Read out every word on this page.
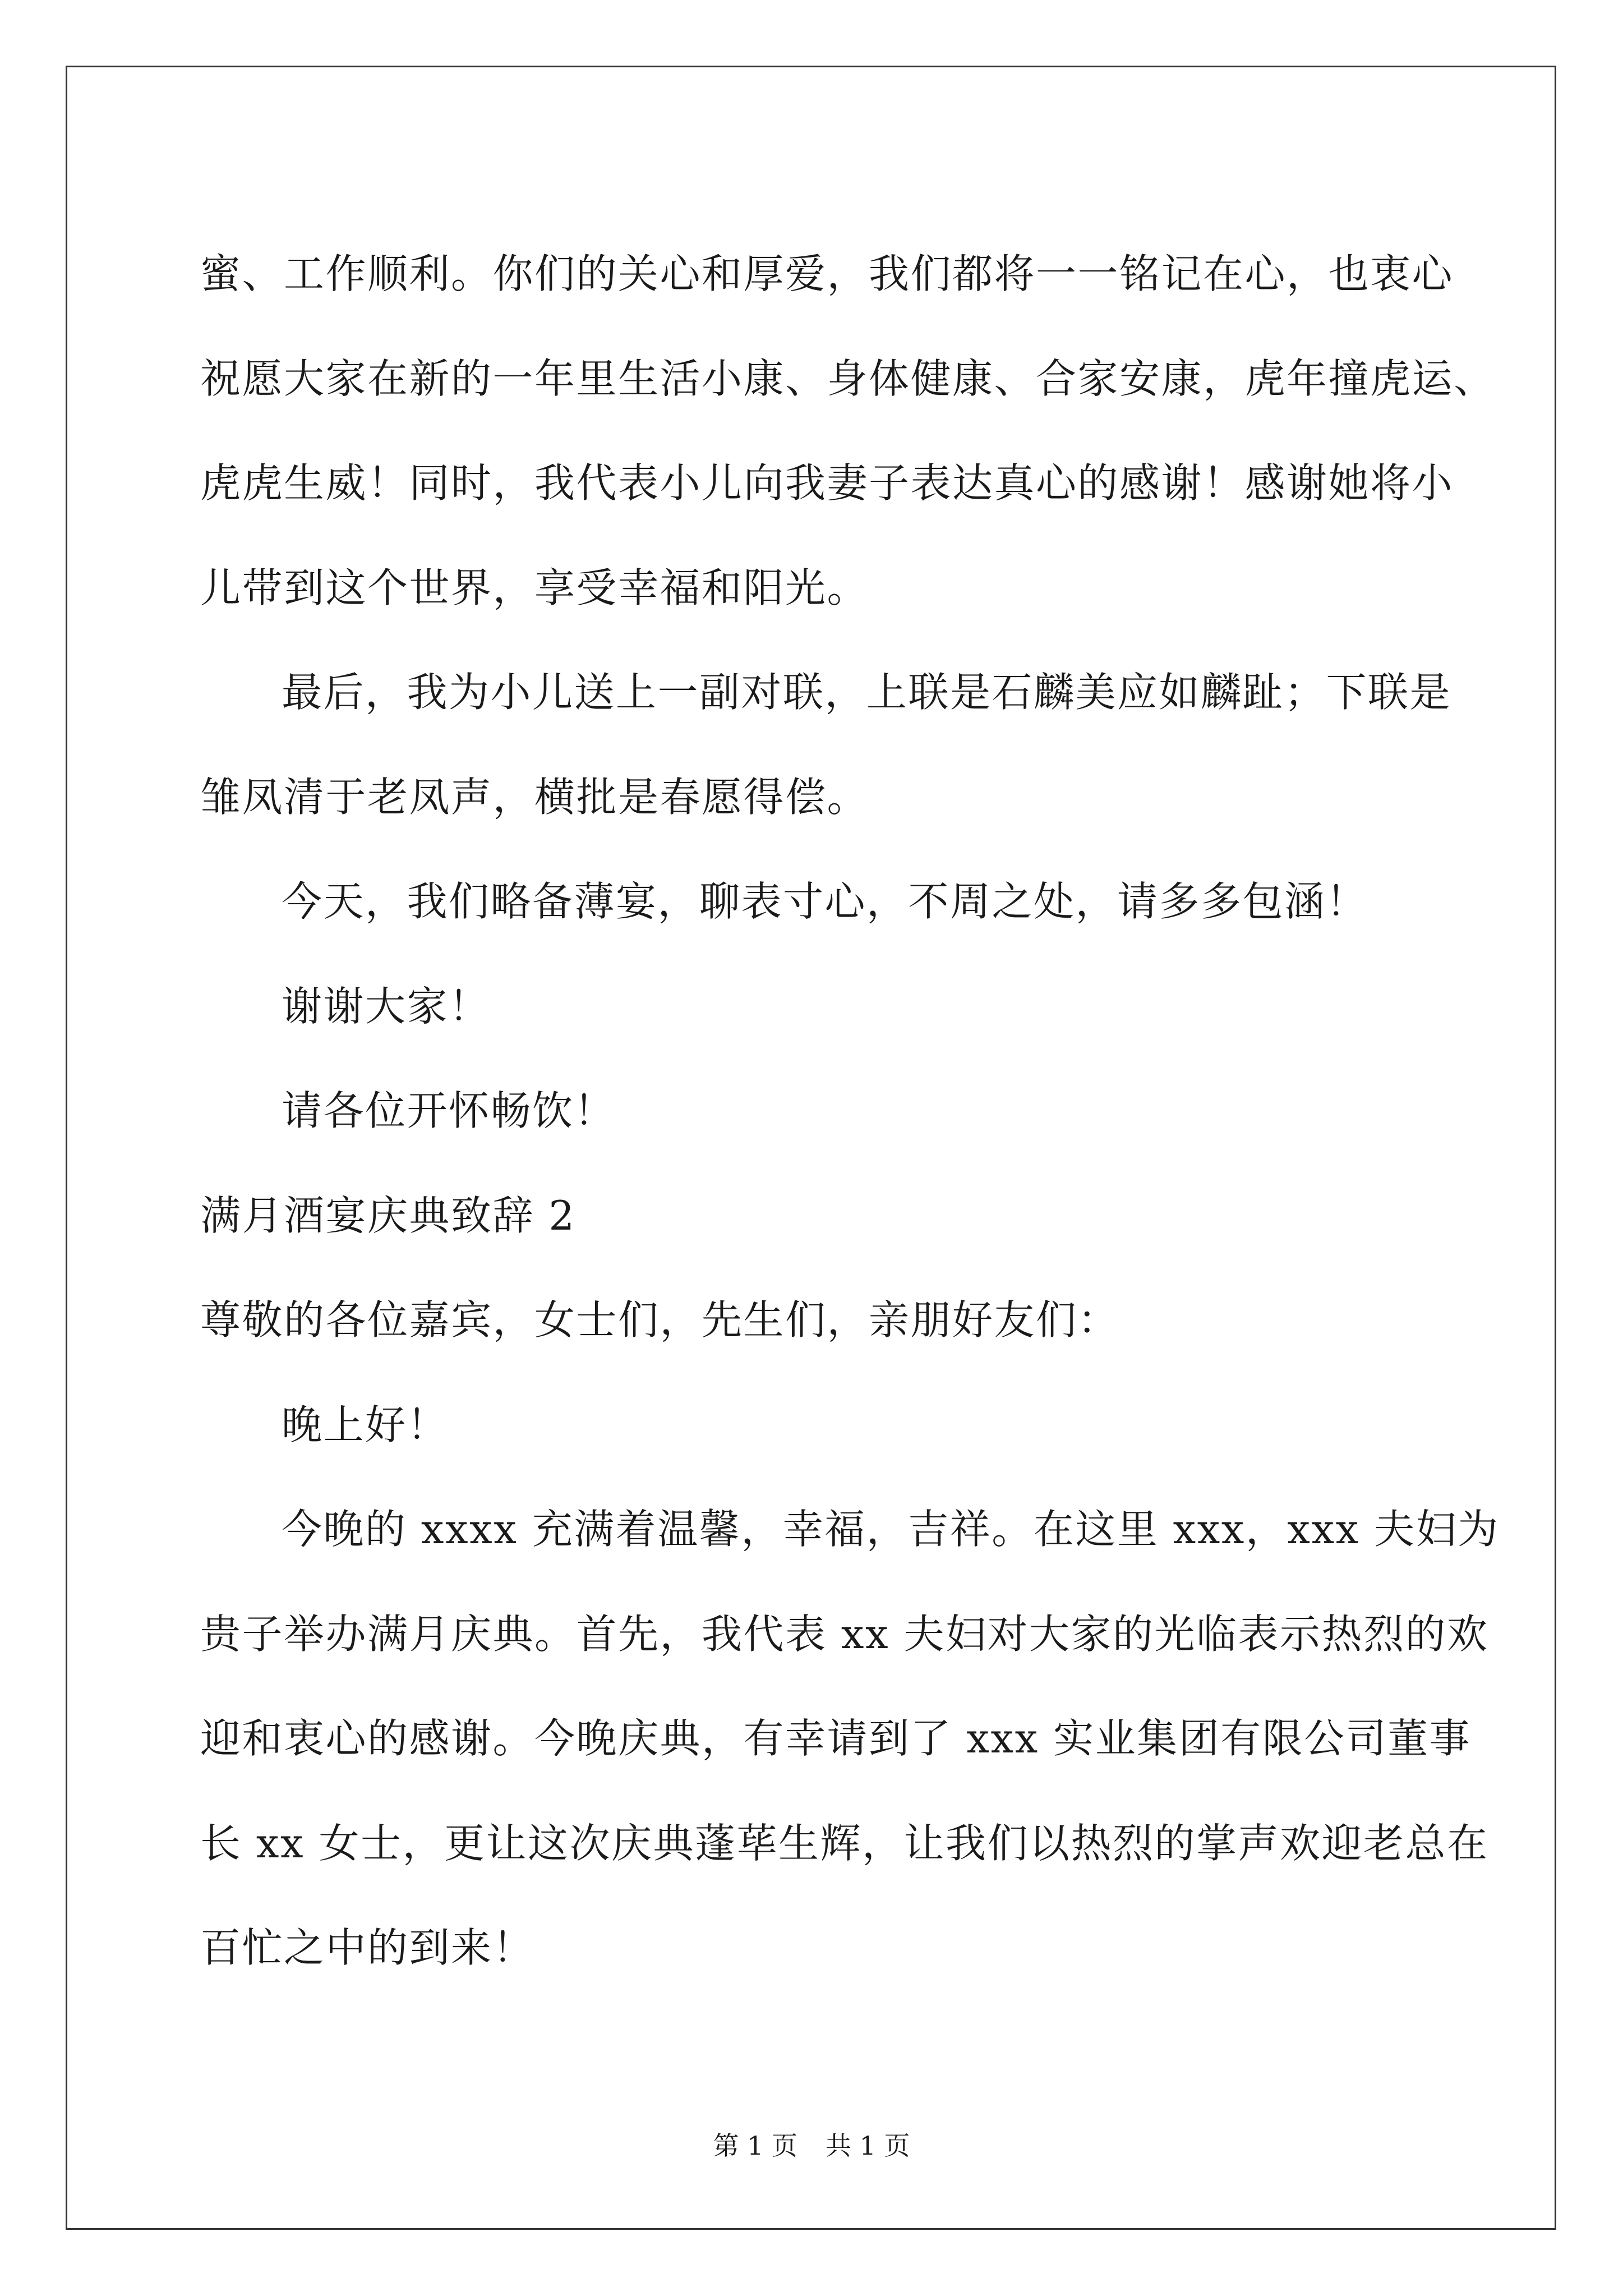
蜜、工作顺利。你们的关心和厚爱，我们都将一一铭记在心，也衷心

祝愿大家在新的一年里生活小康、身体健康、合家安康，虎年撞虎运、

虎虎生威！同时，我代表小儿向我妻子表达真心的感谢！感谢她将小

儿带到这个世界，享受幸福和阳光。

最后，我为小儿送上一副对联，上联是石麟美应如麟趾；下联是

雏凤清于老凤声，横批是春愿得偿。

今天，我们略备薄宴，聊表寸心，不周之处，请多多包涵！

谢谢大家！

请各位开怀畅饮！

满月酒宴庆典致辞 2

尊敬的各位嘉宾，女士们，先生们，亲朋好友们：

晚上好！

今晚的 xxxx 充满着温馨，幸福，吉祥。在这里 xxx，xxx 夫妇为

贵子举办满月庆典。首先，我代表 xx 夫妇对大家的光临表示热烈的欢

迎和衷心的感谢。今晚庆典，有幸请到了 xxx 实业集团有限公司董事

长 xx 女士，更让这次庆典蓬荜生辉，让我们以热烈的掌声欢迎老总在

百忙之中的到来！

第 1 页 共 1 页
